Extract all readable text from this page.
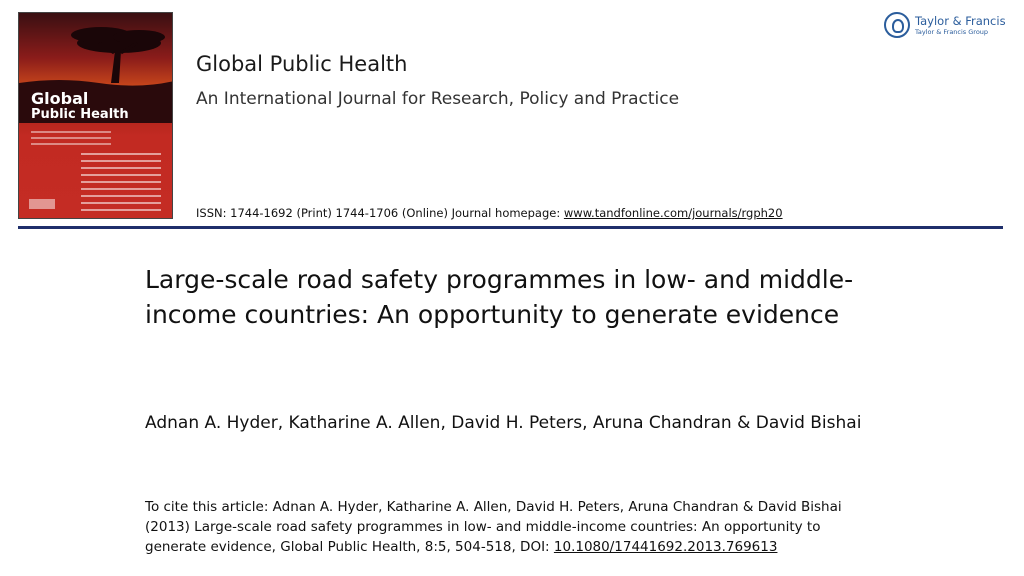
Global
Public Health
Global Public Health
An International Journal for Research, Policy and Practice
ISSN: 1744-1692 (Print) 1744-1706 (Online) Journal homepage: www.tandfonline.com/journals/rgph20
Taylor & Francis
Taylor & Francis Group
Large-scale road safety programmes in low- and middle-income countries: An opportunity to generate evidence
Adnan A. Hyder, Katharine A. Allen, David H. Peters, Aruna Chandran & David Bishai
To cite this article: Adnan A. Hyder, Katharine A. Allen, David H. Peters, Aruna Chandran & David Bishai (2013) Large-scale road safety programmes in low- and middle-income countries: An opportunity to generate evidence, Global Public Health, 8:5, 504-518, DOI: 10.1080/17441692.2013.769613
